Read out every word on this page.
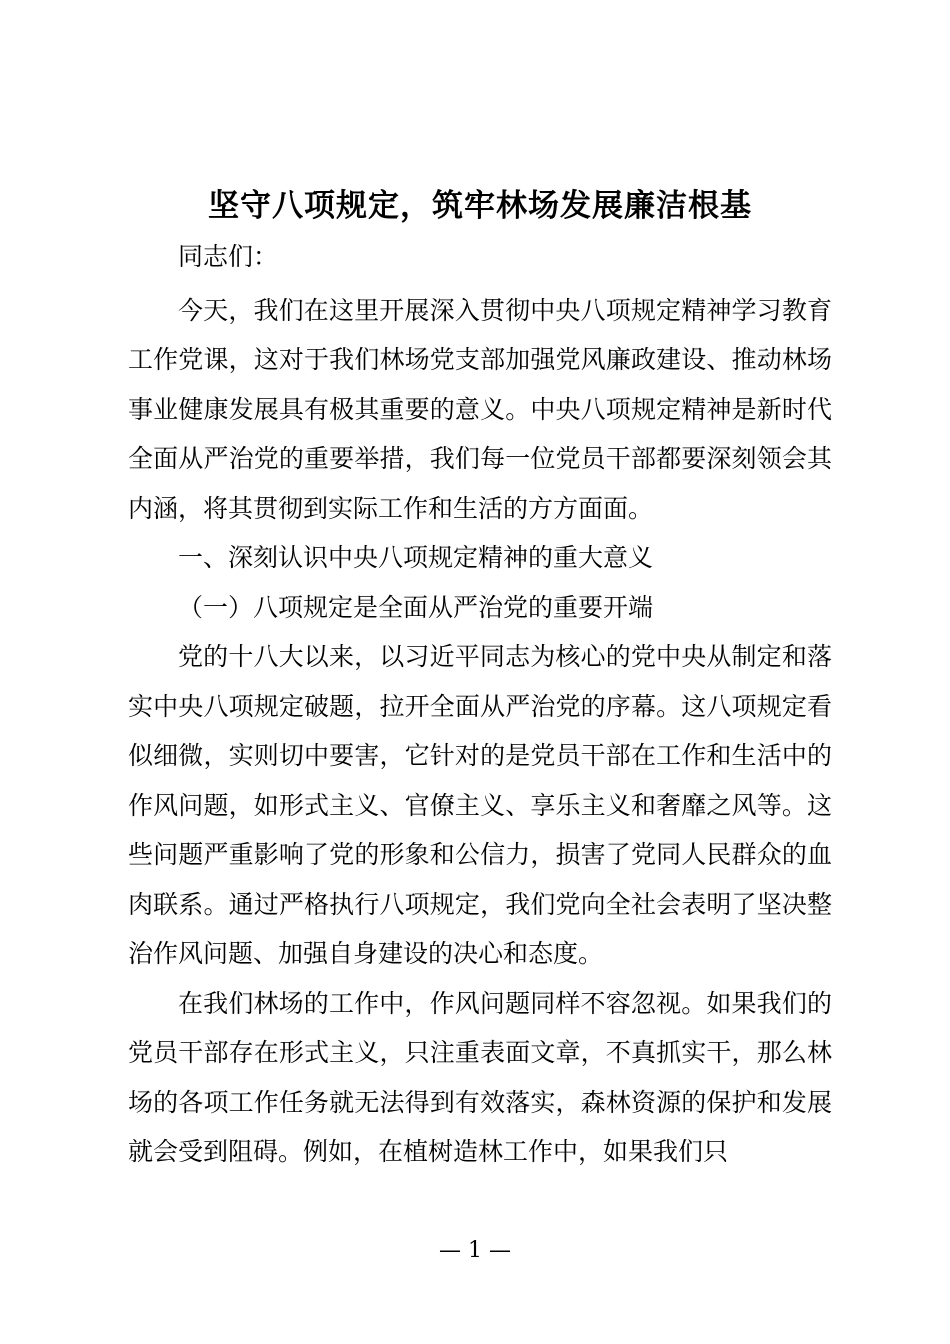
坚守八项规定，筑牢林场发展廉洁根基

同志们：

今天，我们在这里开展深入贯彻中央八项规定精神学习教育工作党课，这对于我们林场党支部加强党风廉政建设、推动林场事业健康发展具有极其重要的意义。中央八项规定精神是新时代全面从严治党的重要举措，我们每一位党员干部都要深刻领会其内涵，将其贯彻到实际工作和生活的方方面面。

一、深刻认识中央八项规定精神的重大意义

（一）八项规定是全面从严治党的重要开端

党的十八大以来，以习近平同志为核心的党中央从制定和落实中央八项规定破题，拉开全面从严治党的序幕。这八项规定看似细微，实则切中要害，它针对的是党员干部在工作和生活中的作风问题，如形式主义、官僚主义、享乐主义和奢靡之风等。这些问题严重影响了党的形象和公信力，损害了党同人民群众的血肉联系。通过严格执行八项规定，我们党向全社会表明了坚决整治作风问题、加强自身建设的决心和态度。

在我们林场的工作中，作风问题同样不容忽视。如果我们的党员干部存在形式主义，只注重表面文章，不真抓实干，那么林场的各项工作任务就无法得到有效落实，森林资源的保护和发展就会受到阻碍。例如，在植树造林工作中，如果我们只

— 1 —
